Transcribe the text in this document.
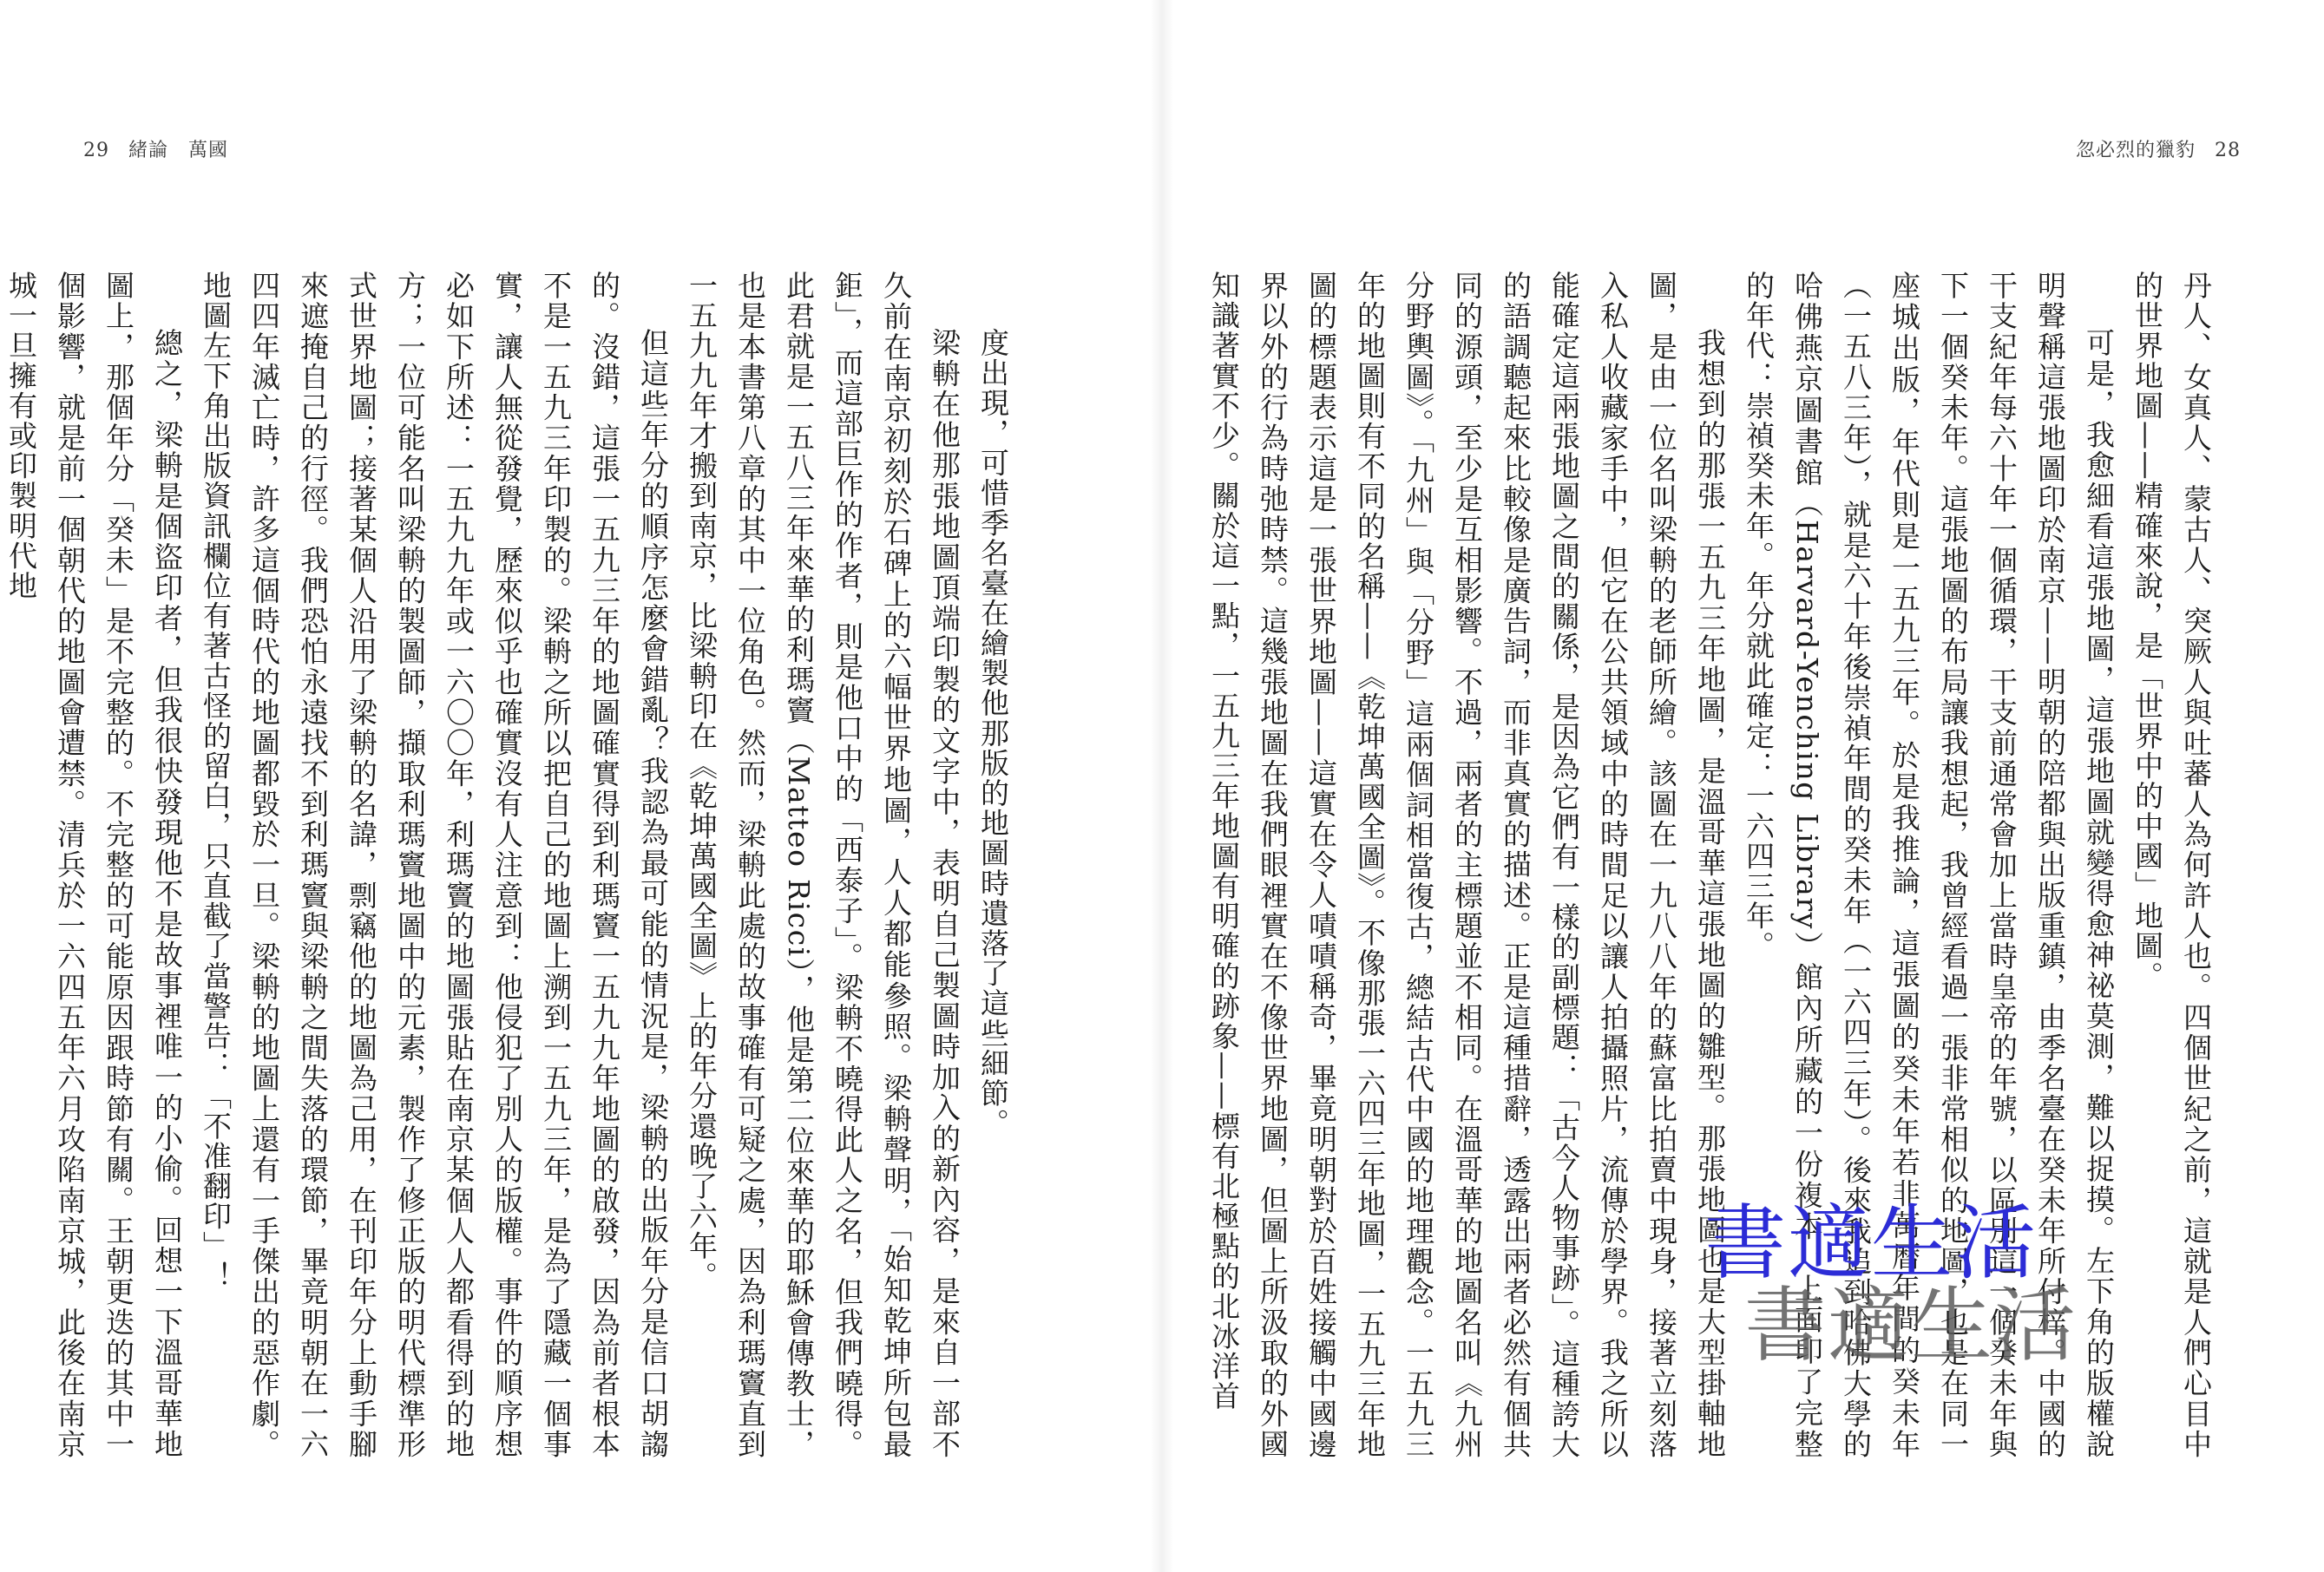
29 緒論　萬國

度出現，可惜季名臺在繪製他那版的地圖時遺落了這些細節。

梁輈在他那張地圖頂端印製的文字中，表明自己製圖時加入的新內容，是來自一部不久前在南京初刻於石碑上的六幅世界地圖，人人都能參照。梁輈聲明，「始知乾坤所包最鉅」，而這部巨作的作者，則是他口中的「西泰子」。梁輈不曉得此人之名，但我們曉得。此君就是一五八三年來華的利瑪竇（Matteo Ricci），他是第二位來華的耶穌會傳教士，也是本書第八章的其中一位角色。然而，梁輈此處的故事確有可疑之處，因為利瑪竇直到一五九九年才搬到南京，比梁輈印在《乾坤萬國全圖》上的年分還晚了六年。

但這些年分的順序怎麼會錯亂？我認為最可能的情況是，梁輈的出版年分是信口胡謅的。沒錯，這張一五九三年的地圖確實得到利瑪竇一五九九年地圖的啟發，因為前者根本不是一五九三年印製的。梁輈之所以把自己的地圖上溯到一五九三年，是為了隱藏一個事實，讓人無從發覺，歷來似乎也確實沒有人注意到：他侵犯了別人的版權。事件的順序想必如下所述：一五九九年或一六〇〇年，利瑪竇的地圖張貼在南京某個人人都看得到的地方；一位可能名叫梁輈的製圖師，擷取利瑪竇地圖中的元素，製作了修正版的明代標準形式世界地圖；接著某個人沿用了梁輈的名諱，剽竊他的地圖為己用，在刊印年分上動手腳來遮掩自己的行徑。我們恐怕永遠找不到利瑪竇與梁輈之間失落的環節，畢竟明朝在一六四四年滅亡時，許多這個時代的地圖都毀於一旦。梁輈的地圖上還有一手傑出的惡作劇。地圖左下角出版資訊欄位有著古怪的留白，只直截了當警告：「不准翻印」！

總之，梁輈是個盜印者，但我很快發現他不是故事裡唯一的小偷。回想一下溫哥華地圖上，那個年分「癸未」是不完整的。不完整的可能原因跟時節有關。王朝更迭的其中一個影響，就是前一個朝代的地圖會遭禁。清兵於一六四五年六月攻陷南京城，此後在南京城一旦擁有或印製明代地

忽必烈的獵豹 28

丹人、女真人、蒙古人、突厥人與吐蕃人為何許人也。四個世紀之前，這就是人們心目中的世界地圖——精確來說，是「世界中的中國」地圖。

可是，我愈細看這張地圖，這張地圖就變得愈神祕莫測，難以捉摸。左下角的版權說明聲稱這張地圖印於南京——明朝的陪都與出版重鎮，由季名臺在癸未年所付梓。中國的干支紀年每六十年一個循環，干支前通常會加上當時皇帝的年號，以區別這一個癸未年與下一個癸未年。這張地圖的布局讓我想起，我曾經看過一張非常相似的地圖，也是在同一座城出版，年代則是一五九三年。於是我推論，這張圖的癸未年若非萬曆年間的癸未年（一五八三年），就是六十年後崇禎年間的癸未年（一六四三年）。後來我追到哈佛大學的哈佛燕京圖書館（Harvard-Yenching Library）館內所藏的一份複本，上面印了完整的年代：崇禎癸未年。年分就此確定：一六四三年。

我想到的那張一五九三年地圖，是溫哥華這張地圖的雛型。那張地圖也是大型掛軸地圖，是由一位名叫梁輈的老師所繪。該圖在一九八八年的蘇富比拍賣中現身，接著立刻落入私人收藏家手中，但它在公共領域中的時間足以讓人拍攝照片，流傳於學界。我之所以能確定這兩張地圖之間的關係，是因為它們有一樣的副標題：「古今人物事跡」。這種誇大的語調聽起來比較像是廣告詞，而非真實的描述。正是這種措辭，透露出兩者必然有個共同的源頭，至少是互相影響。不過，兩者的主標題並不相同。在溫哥華的地圖名叫《九州分野輿圖》。「九州」與「分野」這兩個詞相當復古，總結古代中國的地理觀念。一五九三年的地圖則有不同的名稱——《乾坤萬國全圖》。不像那張一六四三年地圖，一五九三年地圖的標題表示這是一張世界地圖——這實在令人嘖嘖稱奇，畢竟明朝對於百姓接觸中國邊界以外的行為時弛時禁。這幾張地圖在我們眼裡實在不像世界地圖，但圖上所汲取的外國知識著實不少。關於這一點，一五九三年地圖有明確的跡象——標有北極點的北冰洋首	書適生活
書適生活
